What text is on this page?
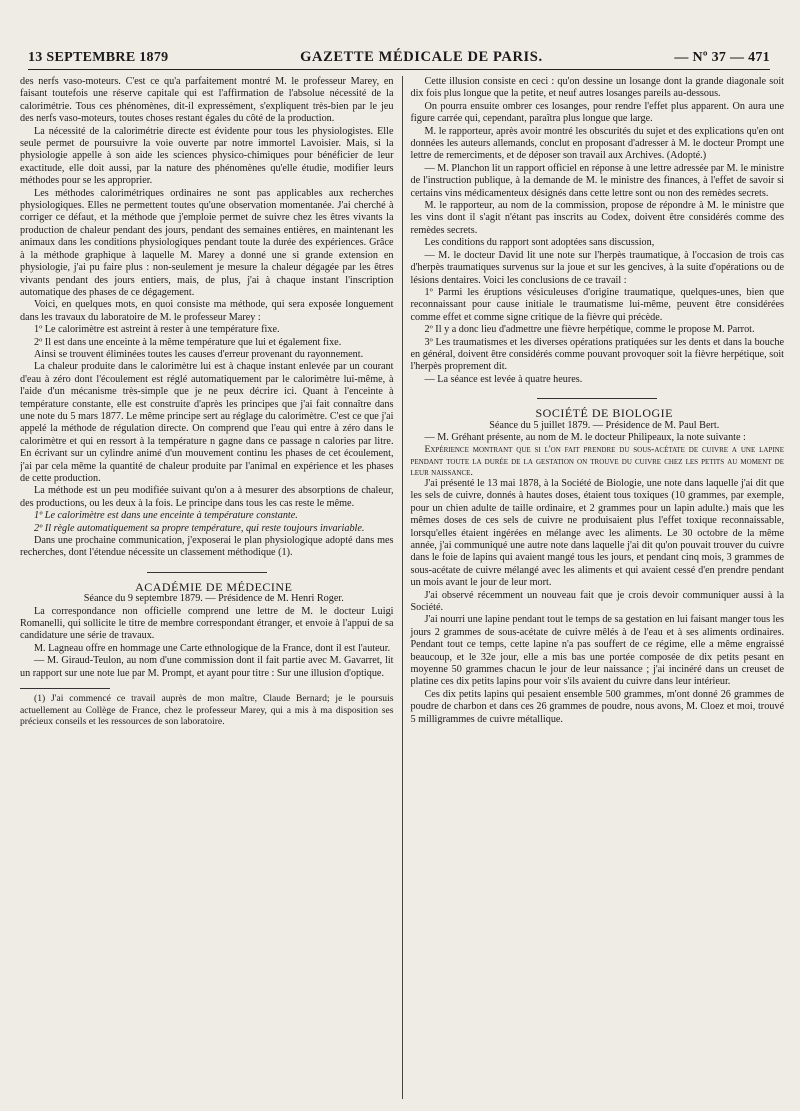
13 SEPTEMBRE 1879	GAZETTE MÉDICALE DE PARIS.	— Nº 37 — 471

des nerfs vaso-moteurs. C'est ce qu'a parfaitement montré M. le professeur Marey, en faisant toutefois une réserve capitale qui est l'affirmation de l'absolue nécessité de la calorimétrie. Tous ces phénomènes, dit-il expressément, s'expliquent très-bien par le jeu des nerfs vaso-moteurs, toutes choses restant égales du côté de la production.

La nécessité de la calorimétrie directe est évidente pour tous les physiologistes. Elle seule permet de poursuivre la voie ouverte par notre immortel Lavoisier. Mais, si la physiologie appelle à son aide les sciences physico-chimiques pour bénéficier de leur exactitude, elle doit aussi, par la nature des phénomènes qu'elle étudie, modifier leurs méthodes pour se les approprier.

Les méthodes calorimétriques ordinaires ne sont pas applicables aux recherches physiologiques. Elles ne permettent toutes qu'une observation momentanée. J'ai cherché à corriger ce défaut, et la méthode que j'emploie permet de suivre chez les êtres vivants la production de chaleur pendant des jours, pendant des semaines entières, en maintenant les animaux dans les conditions physiologiques pendant toute la durée des expériences. Grâce à la méthode graphique à laquelle M. Marey a donné une si grande extension en physiologie, j'ai pu faire plus : non-seulement je mesure la chaleur dégagée par les êtres vivants pendant des jours entiers, mais, de plus, j'ai à chaque instant l'inscription automatique des phases de ce dégagement.

Voici, en quelques mots, en quoi consiste ma méthode, qui sera exposée longuement dans les travaux du laboratoire de M. le professeur Marey :

1º Le calorimètre est astreint à rester à une température fixe.

2º Il est dans une enceinte à la même température que lui et également fixe.

Ainsi se trouvent éliminées toutes les causes d'erreur provenant du rayonnement.

La chaleur produite dans le calorimètre lui est à chaque instant enlevée par un courant d'eau à zéro dont l'écoulement est réglé automatiquement par le calorimètre lui-même, à l'aide d'un mécanisme très-simple que je ne peux décrire ici. Quant à l'enceinte à température constante, elle est construite d'après les principes que j'ai fait connaître dans une note du 5 mars 1877. Le même principe sert au réglage du calorimètre. C'est ce que j'ai appelé la méthode de régulation directe. On comprend que l'eau qui entre à zéro dans le calorimètre et qui en ressort à la température n gagne dans ce passage n calories par litre. En écrivant sur un cylindre animé d'un mouvement continu les phases de cet écoulement, j'ai par cela même la quantité de chaleur produite par l'animal en expérience et les phases de cette production.

La méthode est un peu modifiée suivant qu'on a à mesurer des absorptions de chaleur, des productions, ou les deux à la fois. Le principe dans tous les cas reste le même.

1º Le calorimètre est dans une enceinte à température constante.

2º Il règle automatiquement sa propre température, qui reste toujours invariable.

Dans une prochaine communication, j'exposerai le plan physiologique adopté dans mes recherches, dont l'étendue nécessite un classement méthodique (1).

ACADÉMIE DE MÉDECINE

Séance du 9 septembre 1879. — Présidence de M. Henri Roger.

La correspondance non officielle comprend une lettre de M. le docteur Luigi Romanelli, qui sollicite le titre de membre correspondant étranger, et envoie à l'appui de sa candidature une série de travaux.

M. Lagneau offre en hommage une Carte ethnologique de la France, dont il est l'auteur.

— M. Giraud-Teulon, au nom d'une commission dont il fait partie avec M. Gavarret, lit un rapport sur une note lue par M. Prompt, et ayant pour titre : Sur une illusion d'optique.

(1) J'ai commencé ce travail auprès de mon maître, Claude Bernard; je le poursuis actuellement au Collège de France, chez le professeur Marey, qui a mis à ma disposition ses précieux conseils et les ressources de son laboratoire.

Cette illusion consiste en ceci : qu'on dessine un losange dont la grande diagonale soit dix fois plus longue que la petite, et neuf autres losanges pareils au-dessous.

On pourra ensuite ombrer ces losanges, pour rendre l'effet plus apparent. On aura une figure carrée qui, cependant, paraîtra plus longue que large.

M. le rapporteur, après avoir montré les obscurités du sujet et des explications qu'en ont données les auteurs allemands, conclut en proposant d'adresser à M. le docteur Prompt une lettre de remerciments, et de déposer son travail aux Archives. (Adopté.)

— M. Planchon lit un rapport officiel en réponse à une lettre adressée par M. le ministre de l'instruction publique, à la demande de M. le ministre des finances, à l'effet de savoir si certains vins médicamenteux désignés dans cette lettre sont ou non des remèdes secrets.

M. le rapporteur, au nom de la commission, propose de répondre à M. le ministre que les vins dont il s'agit n'étant pas inscrits au Codex, doivent être considérés comme des remèdes secrets.

Les conditions du rapport sont adoptées sans discussion,

— M. le docteur David lit une note sur l'herpès traumatique, à l'occasion de trois cas d'herpès traumatiques survenus sur la joue et sur les gencives, à la suite d'opérations ou de lésions dentaires. Voici les conclusions de ce travail :

1º Parmi les éruptions vésiculeuses d'origine traumatique, quelques-unes, bien que reconnaissant pour cause initiale le traumatisme lui-même, peuvent être considérées comme effet et comme signe critique de la fièvre qui précède.

2º Il y a donc lieu d'admettre une fièvre herpétique, comme le propose M. Parrot.

3º Les traumatismes et les diverses opérations pratiquées sur les dents et dans la bouche en général, doivent être considérés comme pouvant provoquer soit la fièvre herpétique, soit l'herpès proprement dit.

— La séance est levée à quatre heures.

SOCIÉTÉ DE BIOLOGIE

Séance du 5 juillet 1879. — Présidence de M. Paul Bert.

— M. Gréhant présente, au nom de M. le docteur Philipeaux, la note suivante :

Expérience montrant que si l'on fait prendre du sous-acétate de cuivre a une lapine pendant toute la durée de la gestation on trouve du cuivre chez les petits au moment de leur naissance.

J'ai présenté le 13 mai 1878, à la Société de Biologie, une note dans laquelle j'ai dit que les sels de cuivre, donnés à hautes doses, étaient tous toxiques (10 grammes, par exemple, pour un chien adulte de taille ordinaire, et 2 grammes pour un lapin adulte.) mais que les mêmes doses de ces sels de cuivre ne produisaient plus l'effet toxique reconnaissable, lorsqu'elles étaient ingérées en mélange avec les aliments. Le 30 octobre de la même année, j'ai communiqué une autre note dans laquelle j'ai dit qu'on pouvait trouver du cuivre dans le foie de lapins qui avaient mangé tous les jours, et pendant cinq mois, 3 grammes de sous-acétate de cuivre mélangé avec les aliments et qui avaient cessé d'en prendre pendant un mois avant le jour de leur mort.

J'ai observé récemment un nouveau fait que je crois devoir communiquer aussi à la Société.

J'ai nourri une lapine pendant tout le temps de sa gestation en lui faisant manger tous les jours 2 grammes de sous-acétate de cuivre mêlés à de l'eau et à ses aliments ordinaires. Pendant tout ce temps, cette lapine n'a pas souffert de ce régime, elle a même engraissé beaucoup, et le 32e jour, elle a mis bas une portée composée de dix petits pesant en moyenne 50 grammes chacun le jour de leur naissance ; j'ai incinéré dans un creuset de platine ces dix petits lapins pour voir s'ils avaient du cuivre dans leur intérieur.

Ces dix petits lapins qui pesaient ensemble 500 grammes, m'ont donné 26 grammes de poudre de charbon et dans ces 26 grammes de poudre, nous avons, M. Cloez et moi, trouvé 5 milligrammes de cuivre métallique.
